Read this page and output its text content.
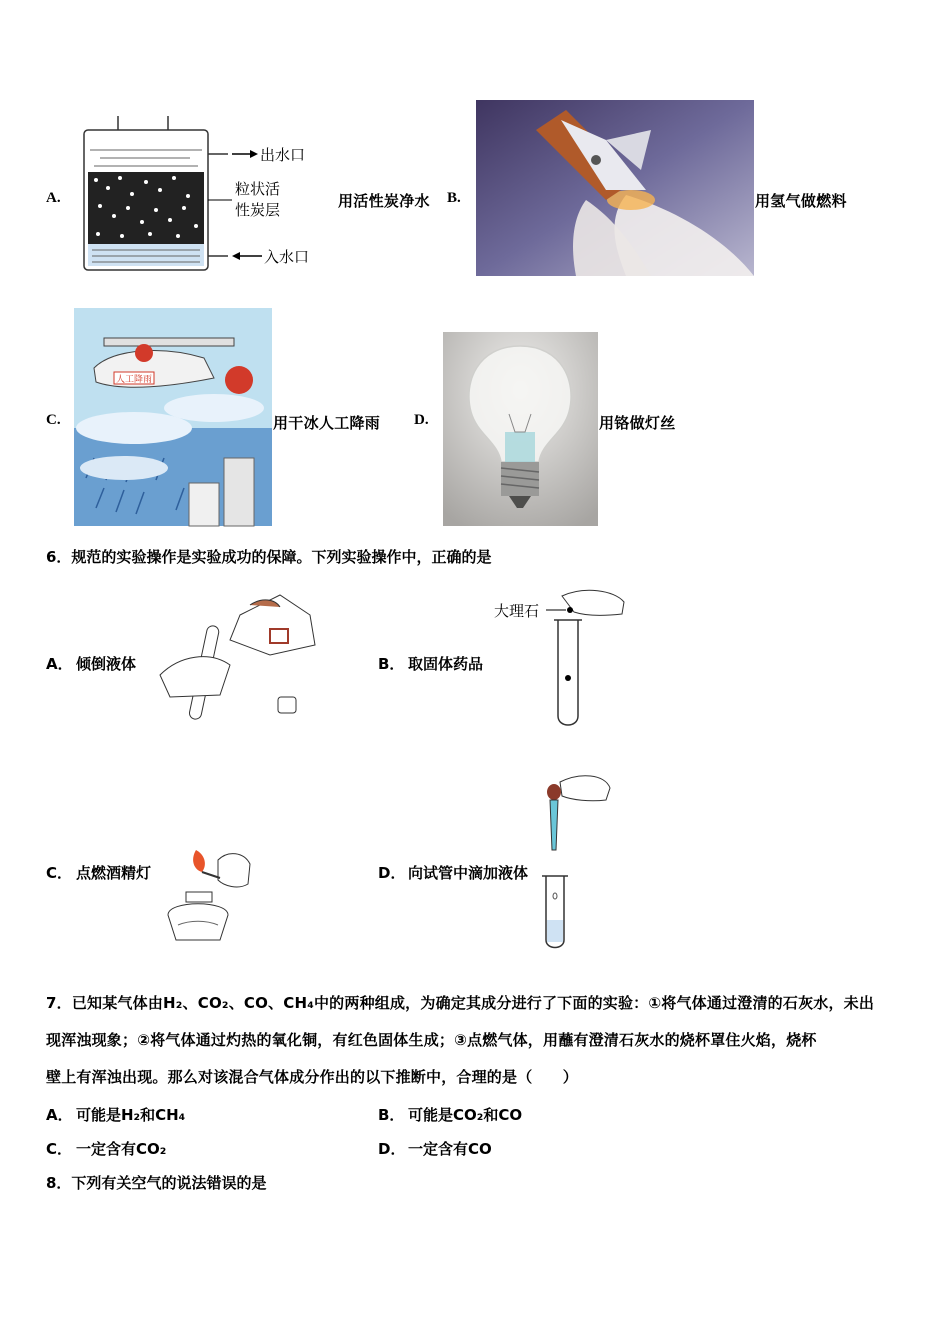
A.
出水口
粒状活
性炭层
入水口
用活性炭净水 B.	用氢气做燃料
C.
人工降雨
用干冰人工降雨 D.	用铬做灯丝
6．规范的实验操作是实验成功的保障。下列实验操作中，正确的是
A． 倾倒液体	B． 取固体药品
大理石
C． 点燃酒精灯	D． 向试管中滴加液体
7．已知某气体由H₂、CO₂、CO、CH₄中的两种组成，为确定其成分进行了下面的实验：①将气体通过澄清的石灰水，未出
现浑浊现象；②将气体通过灼热的氧化铜，有红色固体生成；③点燃气体，用蘸有澄清石灰水的烧杯罩住火焰，烧杯
壁上有浑浊出现。那么对该混合气体成分作出的以下推断中，合理的是（　　）
A． 可能是H₂和CH₄	B． 可能是CO₂和CO
C． 一定含有CO₂	D． 一定含有CO
8．下列有关空气的说法错误的是
